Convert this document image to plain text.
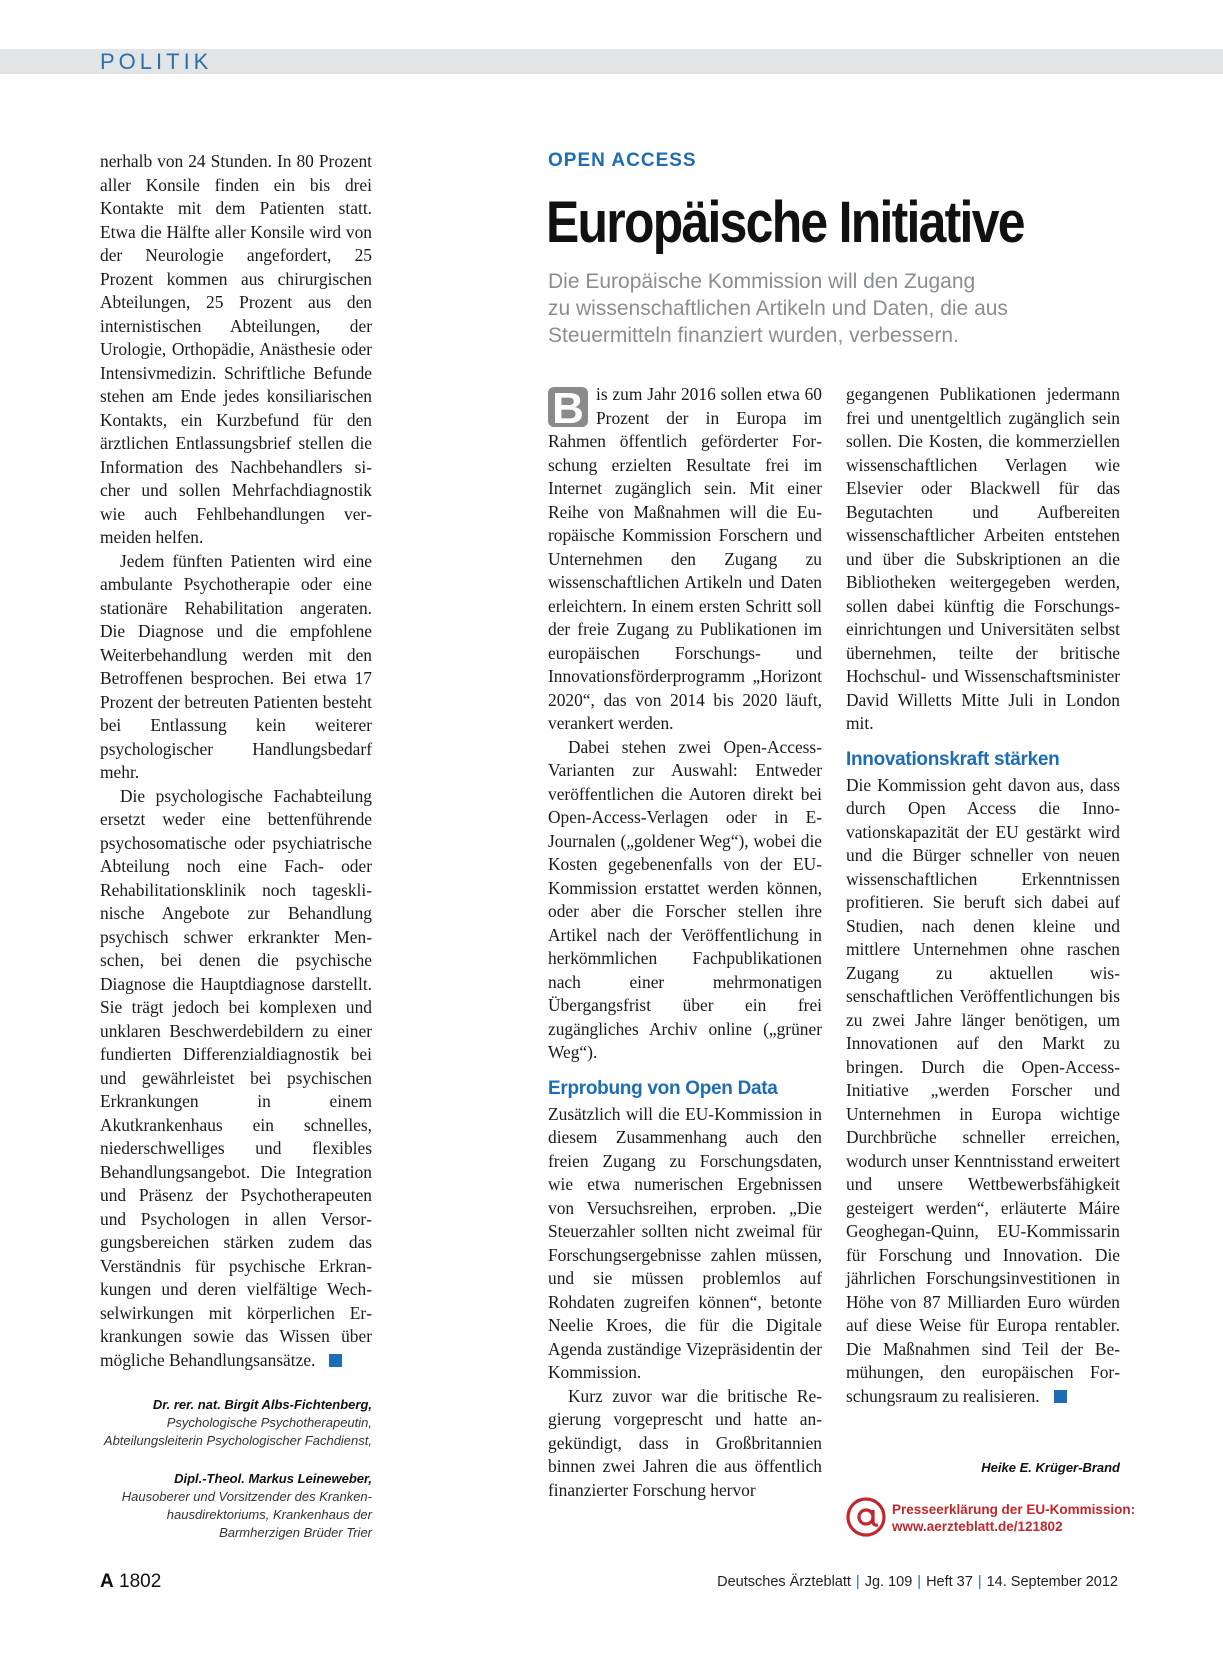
POLITIK

nerhalb von 24 Stunden. In 80 Prozent aller Konsile finden ein bis drei Kontakte mit dem Patienten statt. Etwa die Hälfte aller Konsile wird von der Neurologie angefordert, 25 Prozent kommen aus chirurgischen Abteilungen, 25 Prozent aus den internistischen Abteilungen, der Urologie, Orthopädie, Anästhesie oder Intensivmedizin. Schriftliche Befunde stehen am Ende jedes konsiliarischen Kontakts, ein Kurzbefund für den ärztlichen Entlassungsbrief stellen die Information des Nachbehandlers sicher und sollen Mehrfachdiagnostik wie auch Fehlbehandlungen vermeiden helfen.

Jedem fünften Patienten wird eine ambulante Psychotherapie oder eine stationäre Rehabilitation angeraten. Die Diagnose und die empfohlene Weiterbehandlung werden mit den Betroffenen besprochen. Bei etwa 17 Prozent der betreuten Patienten besteht bei Entlassung kein weiterer psychologischer Handlungsbedarf mehr.

Die psychologische Fachabteilung ersetzt weder eine bettenführende psychosomatische oder psychiatrische Abteilung noch eine Fach- oder Rehabilitationsklinik noch tagesklinische Angebote zur Behandlung psychisch schwer erkrankter Menschen, bei denen die psychische Diagnose die Hauptdiagnose darstellt. Sie trägt jedoch bei komplexen und unklaren Beschwerdebildern zu einer fundierten Differenzialdiagnostik bei und gewährleistet bei psychischen Erkrankungen in einem Akutkrankenhaus ein schnelles, niederschwelliges und flexibles Behandlungsangebot. Die Integration und Präsenz der Psychotherapeuten und Psychologen in allen Versorgungsbereichen stärken zudem das Verständnis für psychische Erkrankungen und deren vielfältige Wechselwirkungen mit körperlichen Erkrankungen sowie das Wissen über mögliche Behandlungsansätze.

Dr. rer. nat. Birgit Albs-Fichtenberg,
Psychologische Psychotherapeutin,
Abteilungsleiterin Psychologischer Fachdienst,
Dipl.-Theol. Markus Leineweber,
Hausoberer und Vorsitzender des Kranken-
hausdirektoriums, Krankenhaus der
Barmherzigen Brüder Trier
OPEN ACCESS
Europäische Initiative
Die Europäische Kommission will den Zugang
zu wissenschaftlichen Artikeln und Daten, die aus
Steuermitteln finanziert wurden, verbessern.

B is zum Jahr 2016 sollen etwa 60 Prozent der in Europa im Rahmen öffentlich geförderter Forschung erzielten Resultate frei im Internet zugänglich sein. Mit einer Reihe von Maßnahmen will die Europäische Kommission Forschern und Unternehmen den Zugang zu wissenschaftlichen Artikeln und Daten erleichtern. In einem ersten Schritt soll der freie Zugang zu Publikationen im europäischen Forschungs- und Innovationsförderprogramm „Horizont 2020“, das von 2014 bis 2020 läuft, verankert werden.

Dabei stehen zwei Open-Access-Varianten zur Auswahl: Entweder veröffentlichen die Autoren direkt bei Open-Access-Verlagen oder in E-Journalen („goldener Weg“), wobei die Kosten gegebenenfalls von der EU-Kommission erstattet werden können, oder aber die Forscher stellen ihre Artikel nach der Veröffentlichung in herkömmlichen Fachpublikationen nach einer mehrmonatigen Übergangsfrist über ein frei zugängliches Archiv online („grüner Weg“).

Erprobung von Open Data

Zusätzlich will die EU-Kommission in diesem Zusammenhang auch den freien Zugang zu Forschungsdaten, wie etwa numerischen Ergebnissen von Versuchsreihen, erproben. „Die Steuerzahler sollten nicht zweimal für Forschungsergebnisse zahlen müssen, und sie müssen problemlos auf Rohdaten zugreifen können“, betonte Neelie Kroes, die für die Digitale Agenda zuständige Vizepräsidentin der Kommission.

Kurz zuvor war die britische Regierung vorgeprescht und hatte angekündigt, dass in Großbritannien binnen zwei Jahren die aus öffentlich finanzierter Forschung hervor

gegangenen Publikationen jedermann frei und unentgeltlich zugänglich sein sollen. Die Kosten, die kommerziellen wissenschaftlichen Verlagen wie Elsevier oder Blackwell für das Begutachten und Aufbereiten wissenschaftlicher Arbeiten entstehen und über die Subskriptionen an die Bibliotheken weitergegeben werden, sollen dabei künftig die Forschungseinrichtungen und Universitäten selbst übernehmen, teilte der britische Hochschul- und Wissenschaftsminister David Willetts Mitte Juli in London mit.

Innovationskraft stärken

Die Kommission geht davon aus, dass durch Open Access die Innovationskapazität der EU gestärkt wird und die Bürger schneller von neuen wissenschaftlichen Erkenntnissen profitieren. Sie beruft sich dabei auf Studien, nach denen kleine und mittlere Unternehmen ohne raschen Zugang zu aktuellen wissenschaftlichen Veröffentlichungen bis zu zwei Jahre länger benötigen, um Innovationen auf den Markt zu bringen. Durch die Open-Access-Initiative „werden Forscher und Unternehmen in Europa wichtige Durchbrüche schneller erreichen, wodurch unser Kenntnisstand erweitert und unsere Wettbewerbsfähigkeit gesteigert werden“, erläuterte Máire Geoghegan-Quinn, EU-Kommissarin für Forschung und Innovation. Die jährlichen Forschungsinvestitionen in Höhe von 87 Milliarden Euro würden auf diese Weise für Europa rentabler. Die Maßnahmen sind Teil der Bemühungen, den europäischen Forschungsraum zu realisieren.

Heike E. Krüger-Brand
Presseerklärung der EU-Kommission:
www.aerzteblatt.de/121802
A 1802	Deutsches Ärzteblatt | Jg. 109 | Heft 37 | 14. September 2012
